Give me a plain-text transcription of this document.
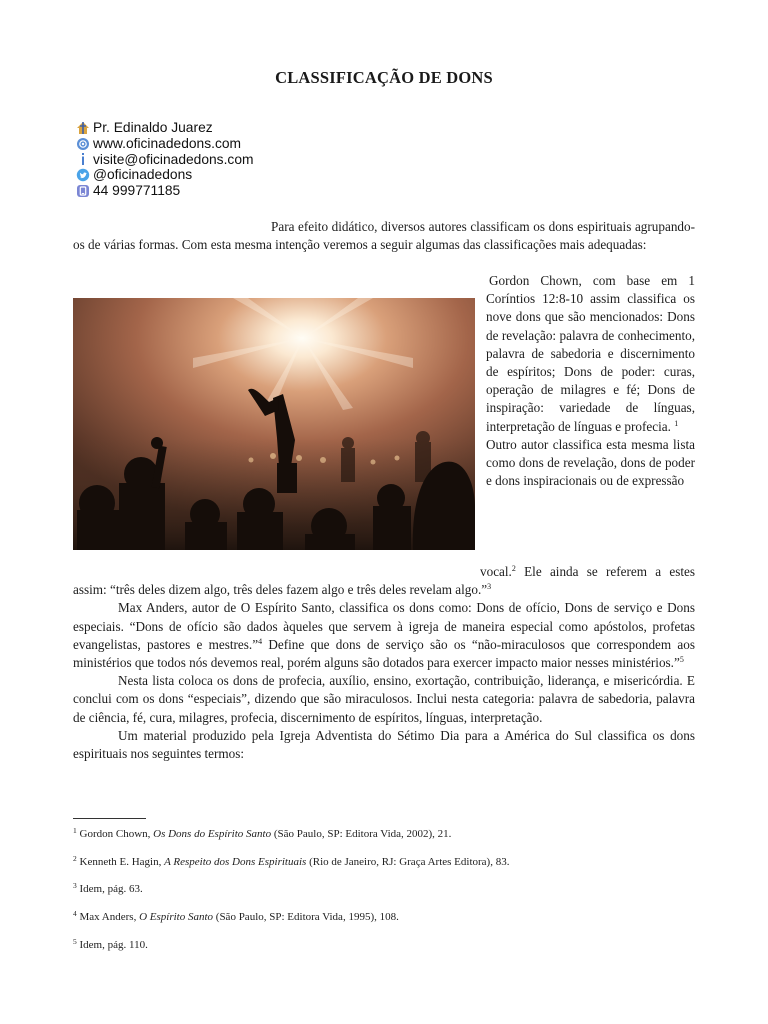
CLASSIFICAÇÃO DE DONS
Pr. Edinaldo Juarez
www.oficinadedons.com
visite@oficinadedons.com
@oficinadedons
44 999771185
Para efeito didático, diversos autores classificam os dons espirituais agrupando-os de várias formas. Com esta mesma intenção veremos a seguir algumas das classificações mais adequadas:

Gordon Chown, com base em 1 Coríntios 12:8-10 assim classifica os nove dons que são mencionados: Dons de revelação: palavra de conhecimento, palavra de sabedoria e discernimento de espíritos; Dons de poder: curas, operação de milagres e fé; Dons de inspiração: variedade de línguas, interpretação de línguas e profecia. $^1$

Outro autor classifica esta mesma lista como dons de revelação, dons de poder e dons inspiracionais ou de expressão

vocal.$^2$ Ele ainda se referem a estes assim: “três deles dizem algo, três deles fazem algo e três deles revelam algo.”$^3$

Max Anders, autor de O Espírito Santo, classifica os dons como: Dons de ofício, Dons de serviço e Dons especiais. “Dons de ofício são dados àqueles que servem à igreja de maneira especial como apóstolos, profetas evangelistas, pastores e mestres.”$^4$ Define que dons de serviço são os “não-miraculosos que correspondem aos ministérios que todos nós devemos real, porém alguns são dotados para exercer impacto maior nesses ministérios.”$^5$

Nesta lista coloca os dons de profecia, auxílio, ensino, exortação, contribuição, liderança, e misericórdia. E conclui com os dons “especiais”, dizendo que são miraculosos. Inclui nesta categoria: palavra de sabedoria, palavra de ciência, fé, cura, milagres, profecia, discernimento de espíritos, línguas, interpretação.

Um material produzido pela Igreja Adventista do Sétimo Dia para a América do Sul classifica os dons espirituais nos seguintes termos:

$^1$ Gordon Chown, Os Dons do Espírito Santo (São Paulo, SP: Editora Vida, 2002), 21.
$^2$ Kenneth E. Hagin, A Respeito dos Dons Espirituais (Rio de Janeiro, RJ: Graça Artes Editora), 83.
$^3$ Idem, pág. 63.
$^4$ Max Anders, O Espírito Santo (São Paulo, SP: Editora Vida, 1995), 108.
$^5$ Idem, pág. 110.
